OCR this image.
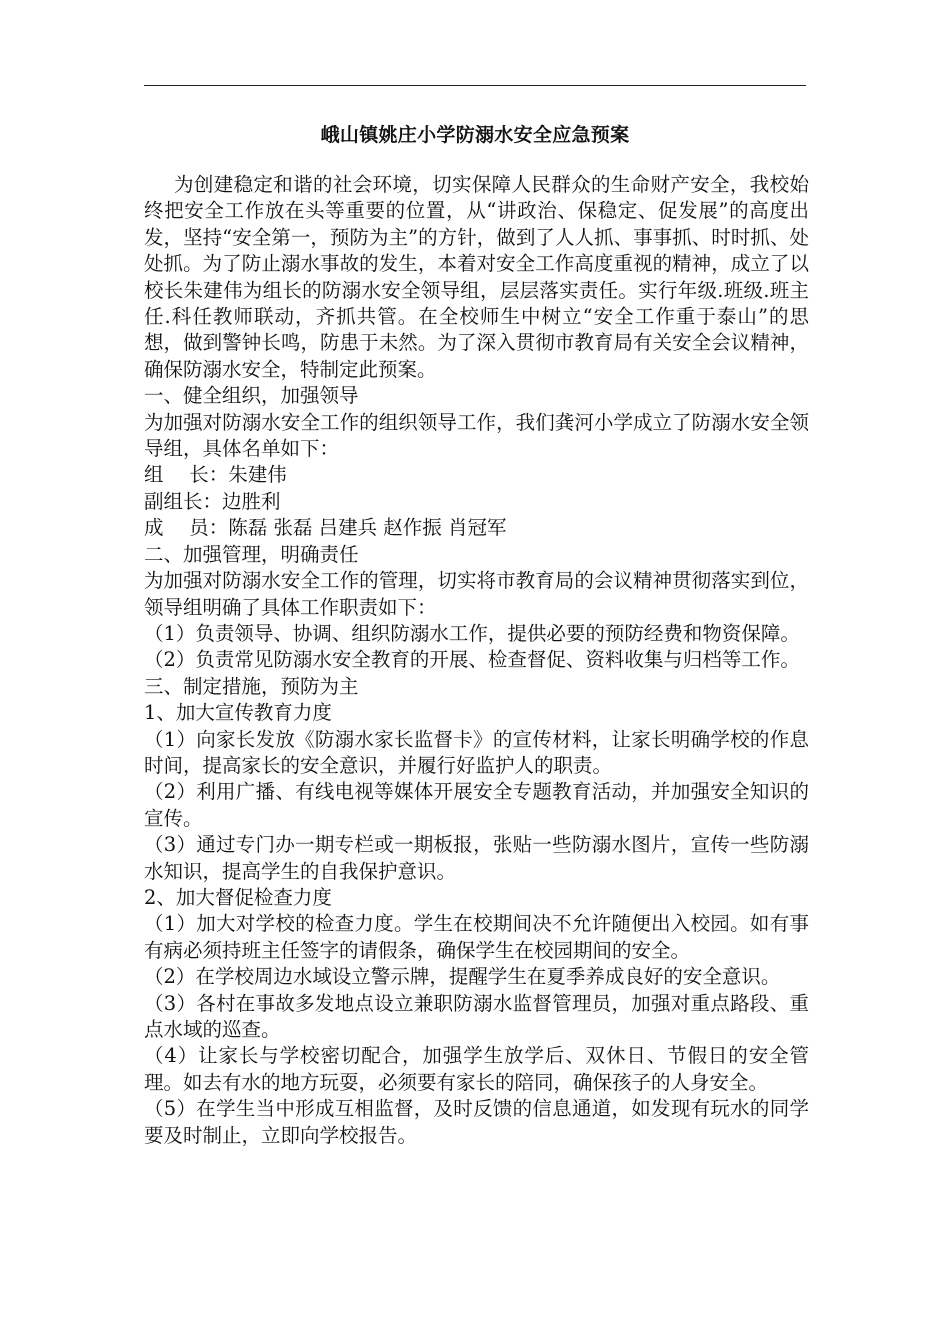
峨山镇姚庄小学防溺水安全应急预案

为创建稳定和谐的社会环境，切实保障人民群众的生命财产安全，我校始终把安全工作放在头等重要的位置，从“讲政治、保稳定、促发展”的高度出发，坚持“安全第一，预防为主”的方针，做到了人人抓、事事抓、时时抓、处处抓。为了防止溺水事故的发生，本着对安全工作高度重视的精神，成立了以校长朱建伟为组长的防溺水安全领导组，层层落实责任。实行年级.班级.班主任.科任教师联动，齐抓共管。在全校师生中树立“安全工作重于泰山”的思想，做到警钟长鸣，防患于未然。为了深入贯彻市教育局有关安全会议精神，确保防溺水安全，特制定此预案。

一、健全组织，加强领导

为加强对防溺水安全工作的组织领导工作，我们龚河小学成立了防溺水安全领导组，具体名单如下：

组　 长：朱建伟

副组长：边胜利

成　 员：陈磊 张磊 吕建兵 赵作振 肖冠军

二、加强管理，明确责任

为加强对防溺水安全工作的管理，切实将市教育局的会议精神贯彻落实到位，领导组明确了具体工作职责如下：

（1）负责领导、协调、组织防溺水工作，提供必要的预防经费和物资保障。

（2）负责常见防溺水安全教育的开展、检查督促、资料收集与归档等工作。

三、制定措施，预防为主

1、加大宣传教育力度

（1）向家长发放《防溺水家长监督卡》的宣传材料，让家长明确学校的作息时间，提高家长的安全意识，并履行好监护人的职责。

（2）利用广播、有线电视等媒体开展安全专题教育活动，并加强安全知识的宣传。

（3）通过专门办一期专栏或一期板报，张贴一些防溺水图片，宣传一些防溺水知识，提高学生的自我保护意识。

2、加大督促检查力度

（1）加大对学校的检查力度。学生在校期间决不允许随便出入校园。如有事有病必须持班主任签字的请假条，确保学生在校园期间的安全。

（2）在学校周边水域设立警示牌，提醒学生在夏季养成良好的安全意识。

（3）各村在事故多发地点设立兼职防溺水监督管理员，加强对重点路段、重点水域的巡查。

（4）让家长与学校密切配合，加强学生放学后、双休日、节假日的安全管理。如去有水的地方玩耍，必须要有家长的陪同，确保孩子的人身安全。

（5）在学生当中形成互相监督，及时反馈的信息通道，如发现有玩水的同学要及时制止，立即向学校报告。
